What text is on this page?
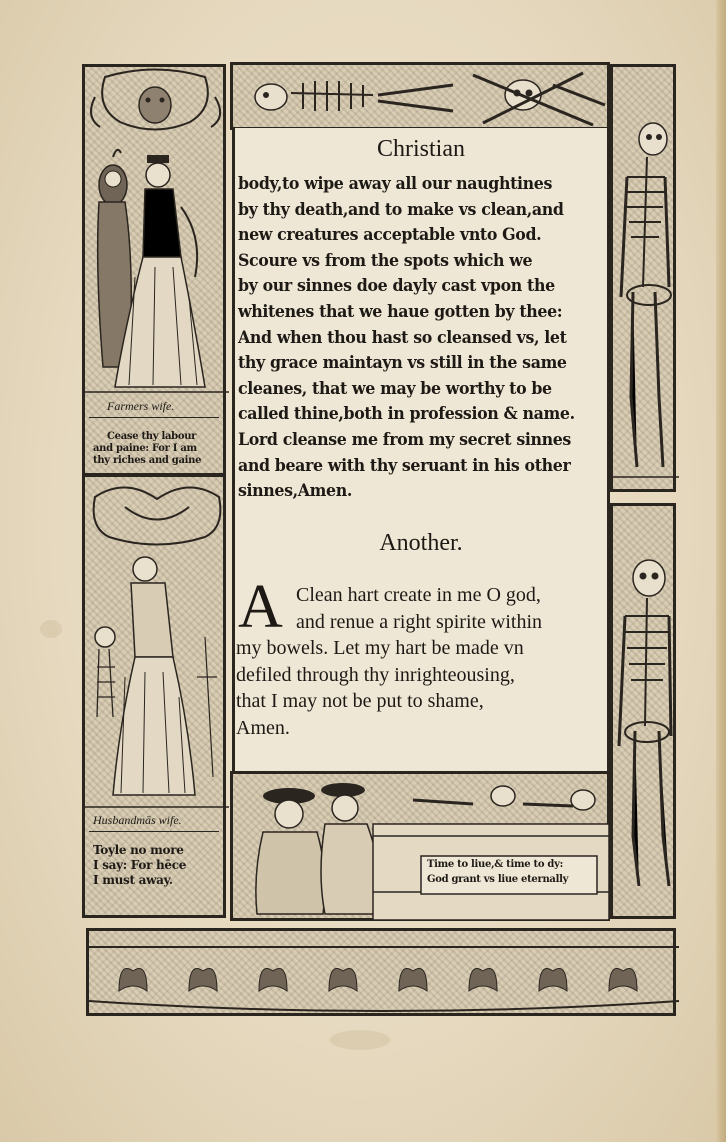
Farmers wife.
Cease thy labour
and paine: For I am
thy riches and gaine
Husbandmās wife.
Toyle no more
I say: For hēce
I must away.
Christian
body,to wipe away all our naughtines
by thy death,and to make vs clean,and
new creatures acceptable vnto God.
Scoure vs from the spots which we
by our sinnes doe dayly cast vpon the
whitenes that we haue gotten by thee:
And when thou hast so cleansed vs, let
thy grace maintayn vs still in the same
cleanes, that we may be worthy to be
called thine,both in profession & name.
Lord cleanse me from my secret sinnes
and beare with thy seruant in his other
sinnes,Amen.
Another.
A Clean hart create in me O god,
and renue a right spirite within
my bowels. Let my hart be made vn
defiled through thy inrighteousing,
that I may not be put to shame,
Amen.
Time to liue,& time to dy:
God grant vs liue eternally
